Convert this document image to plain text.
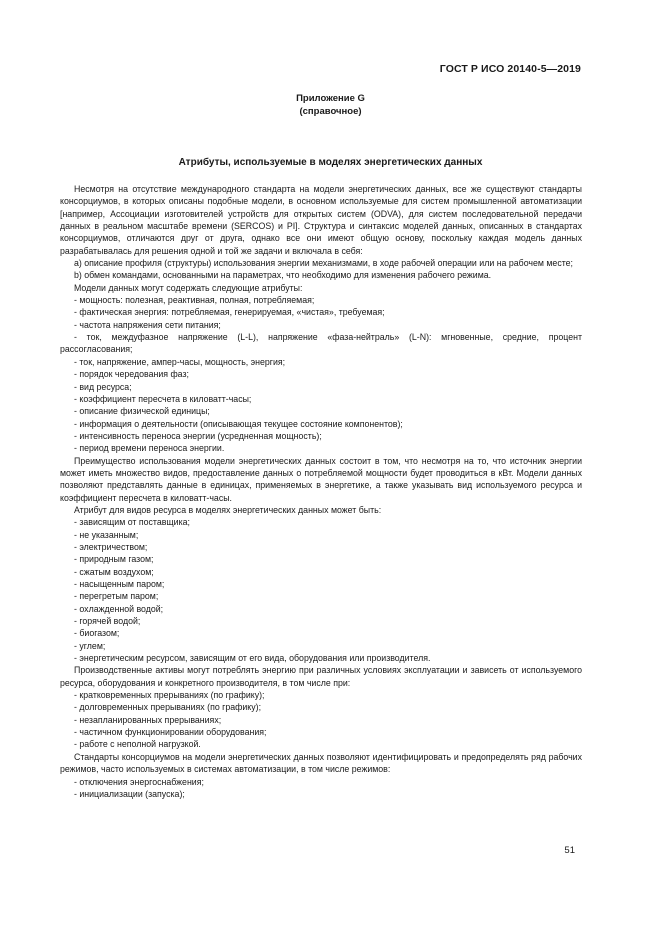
ГОСТ Р ИСО 20140-5—2019
Приложение G
(справочное)
Атрибуты, используемые в моделях энергетических данных

Несмотря на отсутствие международного стандарта на модели энергетических данных, все же существуют стандарты консорциумов, в которых описаны подобные модели, в основном используемые для систем промышленной автоматизации [например, Ассоциации изготовителей устройств для открытых систем (ODVA), для систем последовательной передачи данных в реальном масштабе времени (SERCOS) и PI]. Структура и синтаксис моделей данных, описанных в стандартах консорциумов, отличаются друг от друга, однако все они имеют общую основу, поскольку каждая модель данных разрабатывалась для решения одной и той же задачи и включала в себя:

а) описание профиля (структуры) использования энергии механизмами, в ходе рабочей операции или на рабочем месте;

b) обмен командами, основанными на параметрах, что необходимо для изменения рабочего режима.

Модели данных могут содержать следующие атрибуты:

- мощность: полезная, реактивная, полная, потребляемая;

- фактическая энергия: потребляемая, генерируемая, «чистая», требуемая;

- частота напряжения сети питания;

- ток, междуфазное напряжение (L-L), напряжение «фаза-нейтраль» (L-N): мгновенные, средние, процент рассогласования;

- ток, напряжение, ампер-часы, мощность, энергия;

- порядок чередования фаз;

- вид ресурса;

- коэффициент пересчета в киловатт-часы;

- описание физической единицы;

- информация о деятельности (описывающая текущее состояние компонентов);

- интенсивность переноса энергии (усредненная мощность);

- период времени переноса энергии.

Преимущество использования модели энергетических данных состоит в том, что несмотря на то, что источник энергии может иметь множество видов, предоставление данных о потребляемой мощности будет проводиться в кВт. Модели данных позволяют представлять данные в единицах, применяемых в энергетике, а также указывать вид используемого ресурса и коэффициент пересчета в киловатт-часы.

Атрибут для видов ресурса в моделях энергетических данных может быть:

- зависящим от поставщика;

- не указанным;

- электричеством;

- природным газом;

- сжатым воздухом;

- насыщенным паром;

- перегретым паром;

- охлажденной водой;

- горячей водой;

- биогазом;

- углем;

- энергетическим ресурсом, зависящим от его вида, оборудования или производителя.

Производственные активы могут потреблять энергию при различных условиях эксплуатации и зависеть от используемого ресурса, оборудования и конкретного производителя, в том числе при:

- кратковременных прерываниях (по графику);

- долговременных прерываниях (по графику);

- незапланированных прерываниях;

- частичном функционировании оборудования;

- работе с неполной нагрузкой.

Стандарты консорциумов на модели энергетических данных позволяют идентифицировать и предопределять ряд рабочих режимов, часто используемых в системах автоматизации, в том числе режимов:

- отключения энергоснабжения;

- инициализации (запуска);

51
